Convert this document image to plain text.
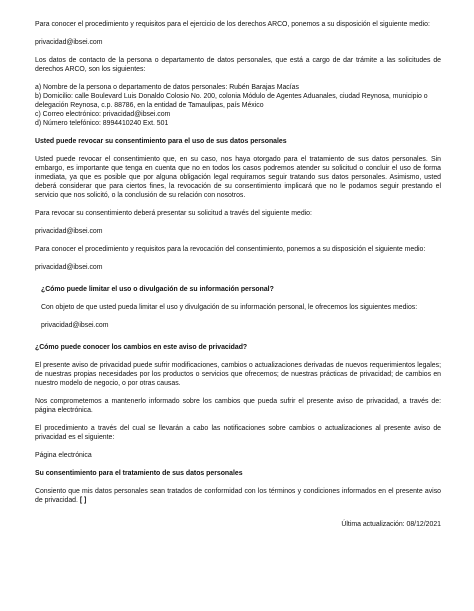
Para conocer el procedimiento y requisitos para el ejercicio de los derechos ARCO, ponemos a su disposición el siguiente medio:

privacidad@ibsei.com

Los datos de contacto de la persona o departamento de datos personales, que está a cargo de dar trámite a las solicitudes de derechos ARCO, son los siguientes:

a) Nombre de la persona o departamento de datos personales: Rubén Barajas Macías
b) Domicilio: calle Boulevard Luis Donaldo Colosio No. 200, colonia Módulo de Agentes Aduanales, ciudad Reynosa, municipio o delegación Reynosa, c.p. 88786, en la entidad de Tamaulipas, país México
c) Correo electrónico: privacidad@ibsei.com
d) Número telefónico: 8994410240 Ext. 501
Usted puede revocar su consentimiento para el uso de sus datos personales

Usted puede revocar el consentimiento que, en su caso, nos haya otorgado para el tratamiento de sus datos personales. Sin embargo, es importante que tenga en cuenta que no en todos los casos podremos atender su solicitud o concluir el uso de forma inmediata, ya que es posible que por alguna obligación legal requiramos seguir tratando sus datos personales. Asimismo, usted deberá considerar que para ciertos fines, la revocación de su consentimiento implicará que no le podamos seguir prestando el servicio que nos solicitó, o la conclusión de su relación con nosotros.

Para revocar su consentimiento deberá presentar su solicitud a través del siguiente medio:

privacidad@ibsei.com

Para conocer el procedimiento y requisitos para la revocación del consentimiento, ponemos a su disposición el siguiente medio:

privacidad@ibsei.com

¿Cómo puede limitar el uso o divulgación de su información personal?

Con objeto de que usted pueda limitar el uso y divulgación de su información personal, le ofrecemos los siguientes medios:

privacidad@ibsei.com

¿Cómo puede conocer los cambios en este aviso de privacidad?

El presente aviso de privacidad puede sufrir modificaciones, cambios o actualizaciones derivadas de nuevos requerimientos legales; de nuestras propias necesidades por los productos o servicios que ofrecemos; de nuestras prácticas de privacidad; de cambios en nuestro modelo de negocio, o por otras causas.

Nos comprometemos a mantenerlo informado sobre los cambios que pueda sufrir el presente aviso de privacidad, a través de: página electrónica.

El procedimiento a través del cual se llevarán a cabo las notificaciones sobre cambios o actualizaciones al presente aviso de privacidad es el siguiente:

Página electrónica

Su consentimiento para el tratamiento de sus datos personales

Consiento que mis datos personales sean tratados de conformidad con los términos y condiciones informados en el presente aviso de privacidad. [ ]

Última actualización: 08/12/2021
